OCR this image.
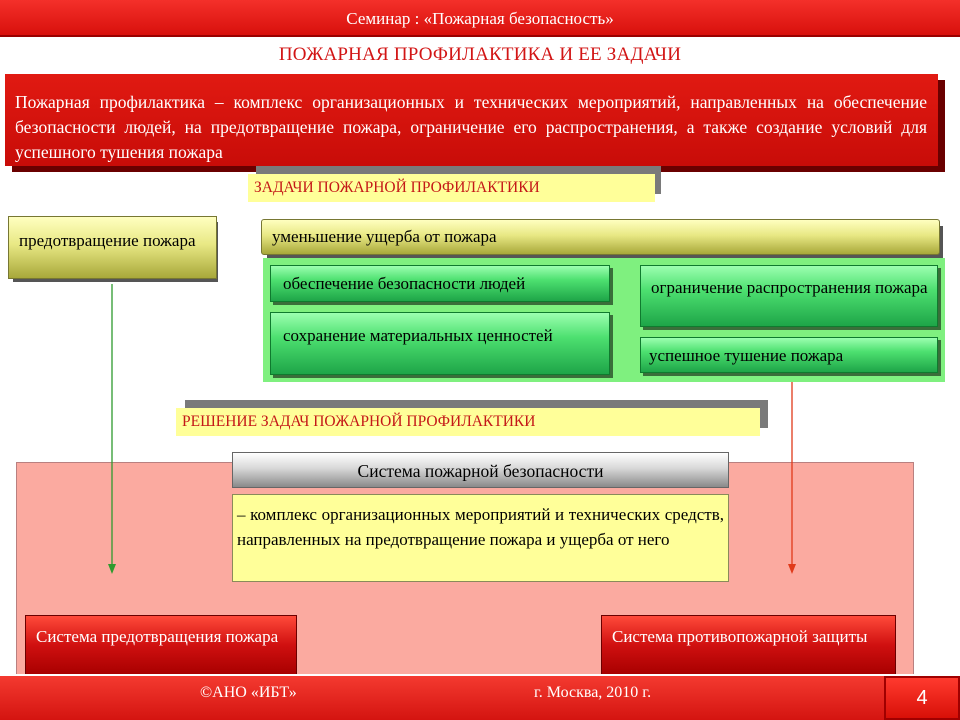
Семинар : «Пожарная безопасность»
ПОЖАРНАЯ ПРОФИЛАКТИКА И ЕЕ ЗАДАЧИ
Пожарная профилактика – комплекс организационных и технических мероприятий, направленных на обеспечение безопасности людей, на предотвращение пожара, ограничение его распространения, а также создание условий для успешного тушения пожара
ЗАДАЧИ ПОЖАРНОЙ ПРОФИЛАКТИКИ
предотвращение пожара	уменьшение ущерба от пожара
обеспечение безопасности людей
сохранение материальных ценностей
ограничение распространения пожара
успешное тушение пожара
РЕШЕНИЕ ЗАДАЧ ПОЖАРНОЙ ПРОФИЛАКТИКИ
Система пожарной безопасности
– комплекс организационных мероприятий и технических средств, направленных на предотвращение пожара и ущерба от него
Система предотвращения пожара	Система противопожарной защиты
©АНО «ИБТ»	г. Москва, 2010 г.	4
